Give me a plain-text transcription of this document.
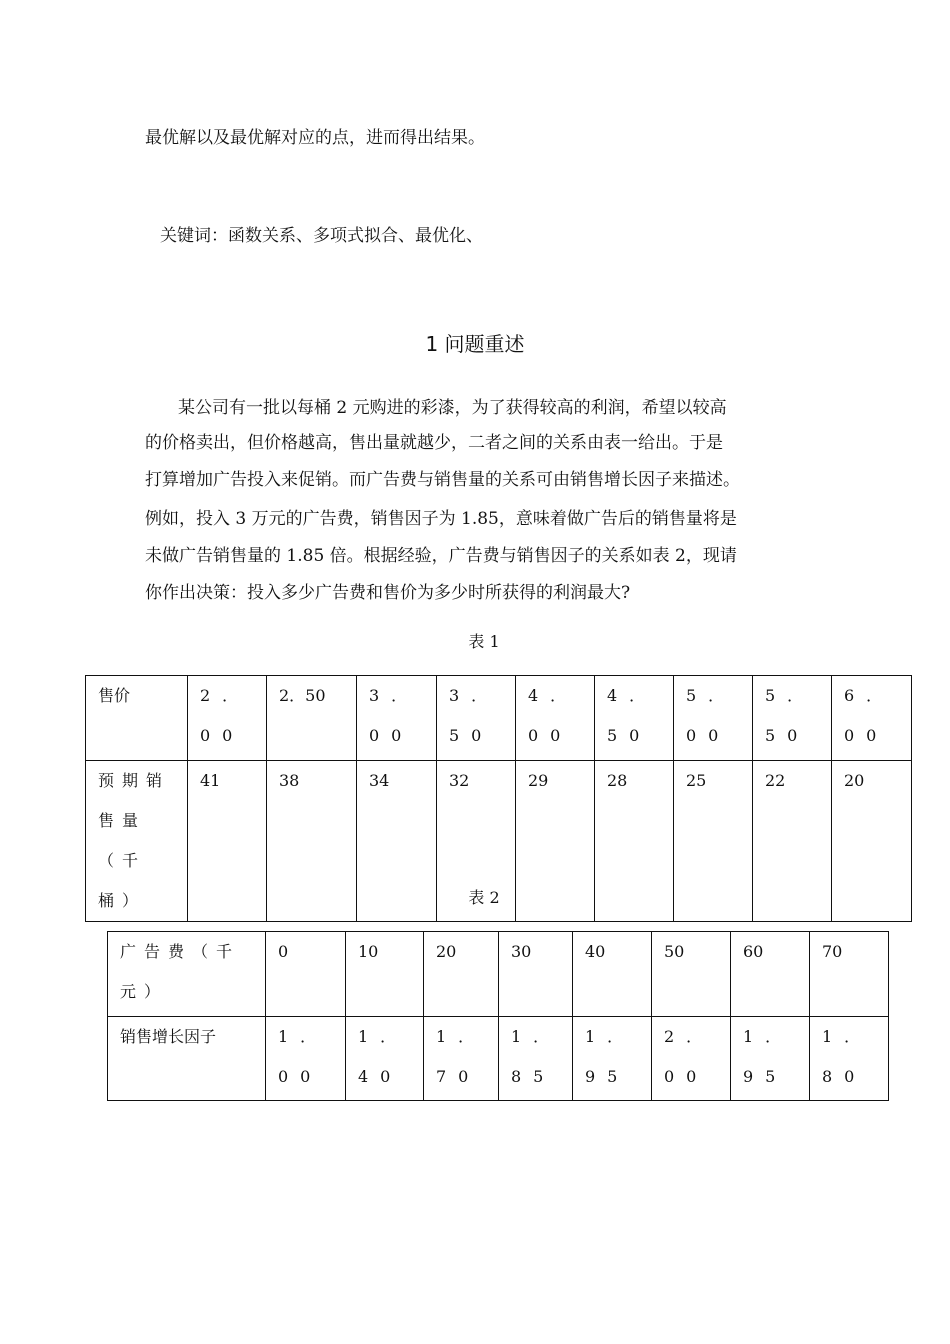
最优解以及最优解对应的点，进而得出结果。
关键词：函数关系、多项式拟合、最优化、
1 问题重述
某公司有一批以每桶 2 元购进的彩漆，为了获得较高的利润，希望以较高
的价格卖出，但价格越高，售出量就越少，二者之间的关系由表一给出。于是
打算增加广告投入来促销。而广告费与销售量的关系可由销售增长因子来描述。
例如，投入 3 万元的广告费，销售因子为 1.85，意味着做广告后的销售量将是
未做广告销售量的 1.85 倍。根据经验，广告费与销售因子的关系如表 2，现请
你作出决策：投入多少广告费和售价为多少时所获得的利润最大?
表 1
售价	2．00	2．50	3．00	3．50	4．00	4．50	5．00	5．50	6．00
预期销售量（千桶）	41	38	34	32	29	28	25	22	20
表 2
广告费（千元）	0	10	20	30	40	50	60	70
销售增长因子	1．00	1．40	1．70	1．85	1．95	2．00	1．95	1．80
